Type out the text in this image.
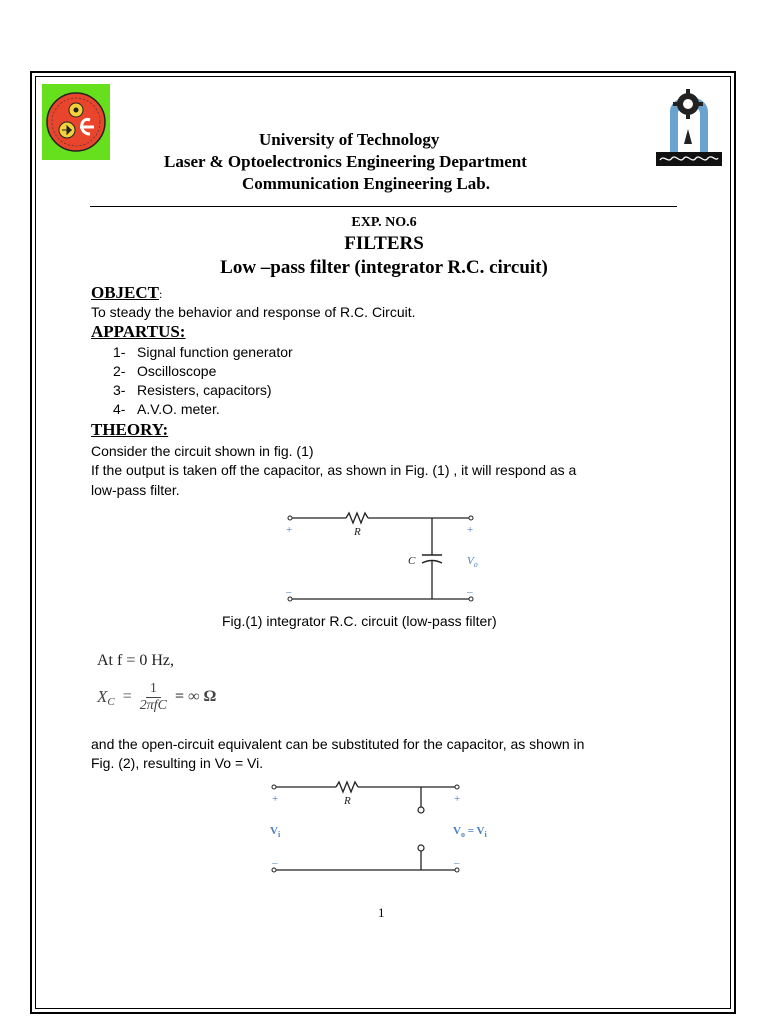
University of Technology
Laser & Optoelectronics Engineering Department
Communication Engineering Lab.
EXP. NO.6
FILTERS
Low –pass filter (integrator R.C. circuit)
OBJECT:
To steady the behavior and response of R.C. Circuit.
APPARTUS:
1- Signal function generator
2- Oscilloscope
3- Resisters, capacitors)
4- A.V.O. meter.
THEORY:
Consider the circuit shown in fig. (1)
If the output is taken off the capacitor, as shown in Fig. (1) , it will respond as a
low-pass filter.
+	+
–	–
R
C	$V_o$
Fig.(1) integrator R.C. circuit (low-pass filter)
At f = 0 Hz,
X C = 1
2πfC = ∞ Ω
and the open-circuit equivalent can be substituted for the capacitor, as shown in
Fig. (2), resulting in Vo = Vi.
+	+
–	–
R
$V_i$	$V_o = V_i$
1
